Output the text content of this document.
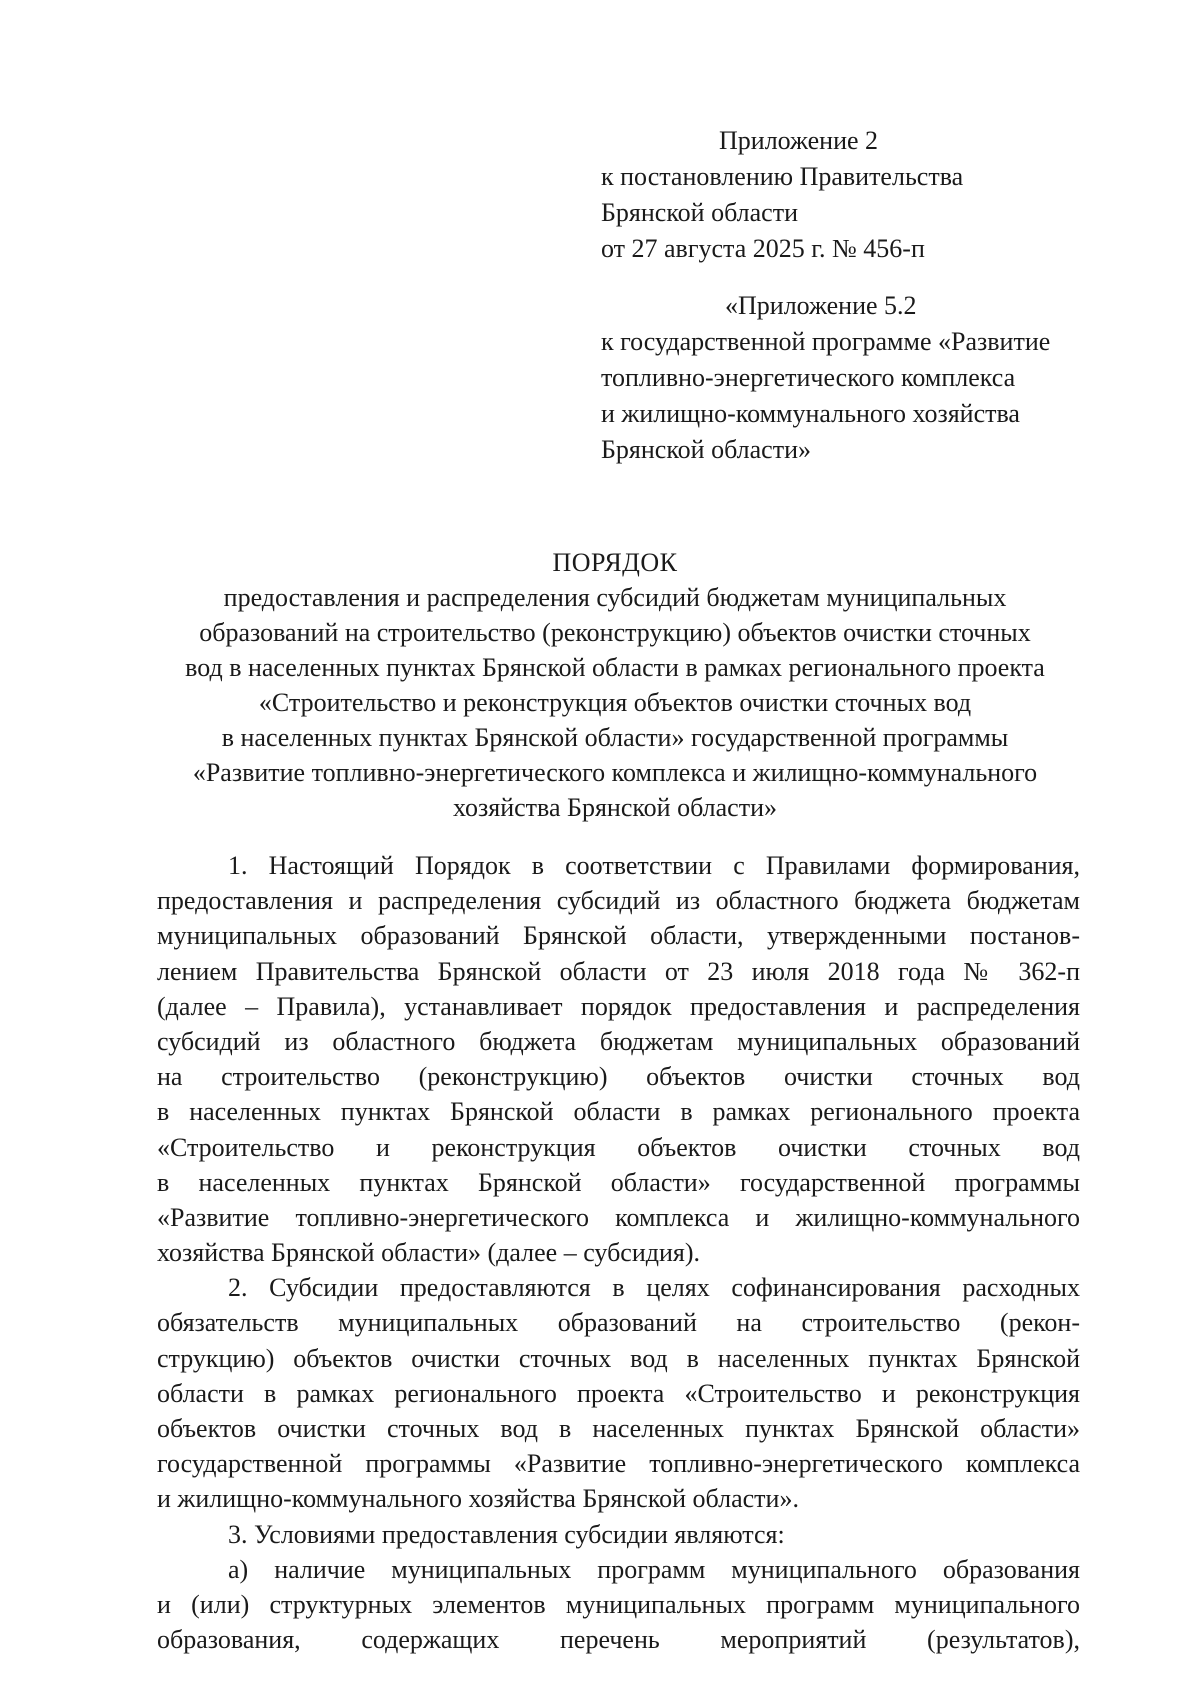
Приложение 2
к постановлению Правительства
Брянской области
от 27 августа 2025 г. № 456-п
«Приложение 5.2
к государственной программе «Развитие
топливно-энергетического комплекса
и жилищно-коммунального хозяйства
Брянской области»
ПОРЯДОК
предоставления и распределения субсидий бюджетам муниципальных
образований на строительство (реконструкцию) объектов очистки сточных
вод в населенных пунктах Брянской области в рамках регионального проекта
«Строительство и реконструкция объектов очистки сточных вод
в населенных пунктах Брянской области» государственной программы
«Развитие топливно-энергетического комплекса и жилищно-коммунального
хозяйства Брянской области»
1. Настоящий Порядок в соответствии с Правилами формирования,
предоставления и распределения субсидий из областного бюджета бюджетам
муниципальных образований Брянской области, утвержденными постанов-
лением Правительства Брянской области от 23 июля 2018 года № 362-п
(далее – Правила), устанавливает порядок предоставления и распределения
субсидий из областного бюджета бюджетам муниципальных образований
на строительство (реконструкцию) объектов очистки сточных вод
в населенных пунктах Брянской области в рамках регионального проекта
«Строительство и реконструкция объектов очистки сточных вод
в населенных пунктах Брянской области» государственной программы
«Развитие топливно-энергетического комплекса и жилищно-коммунального
хозяйства Брянской области» (далее – субсидия).
2. Субсидии предоставляются в целях софинансирования расходных
обязательств муниципальных образований на строительство (рекон-
струкцию) объектов очистки сточных вод в населенных пунктах Брянской
области в рамках регионального проекта «Строительство и реконструкция
объектов очистки сточных вод в населенных пунктах Брянской области»
государственной программы «Развитие топливно-энергетического комплекса
и жилищно-коммунального хозяйства Брянской области».
3. Условиями предоставления субсидии являются:
а) наличие муниципальных программ муниципального образования
и (или) структурных элементов муниципальных программ муниципального
образования, содержащих перечень мероприятий (результатов),
